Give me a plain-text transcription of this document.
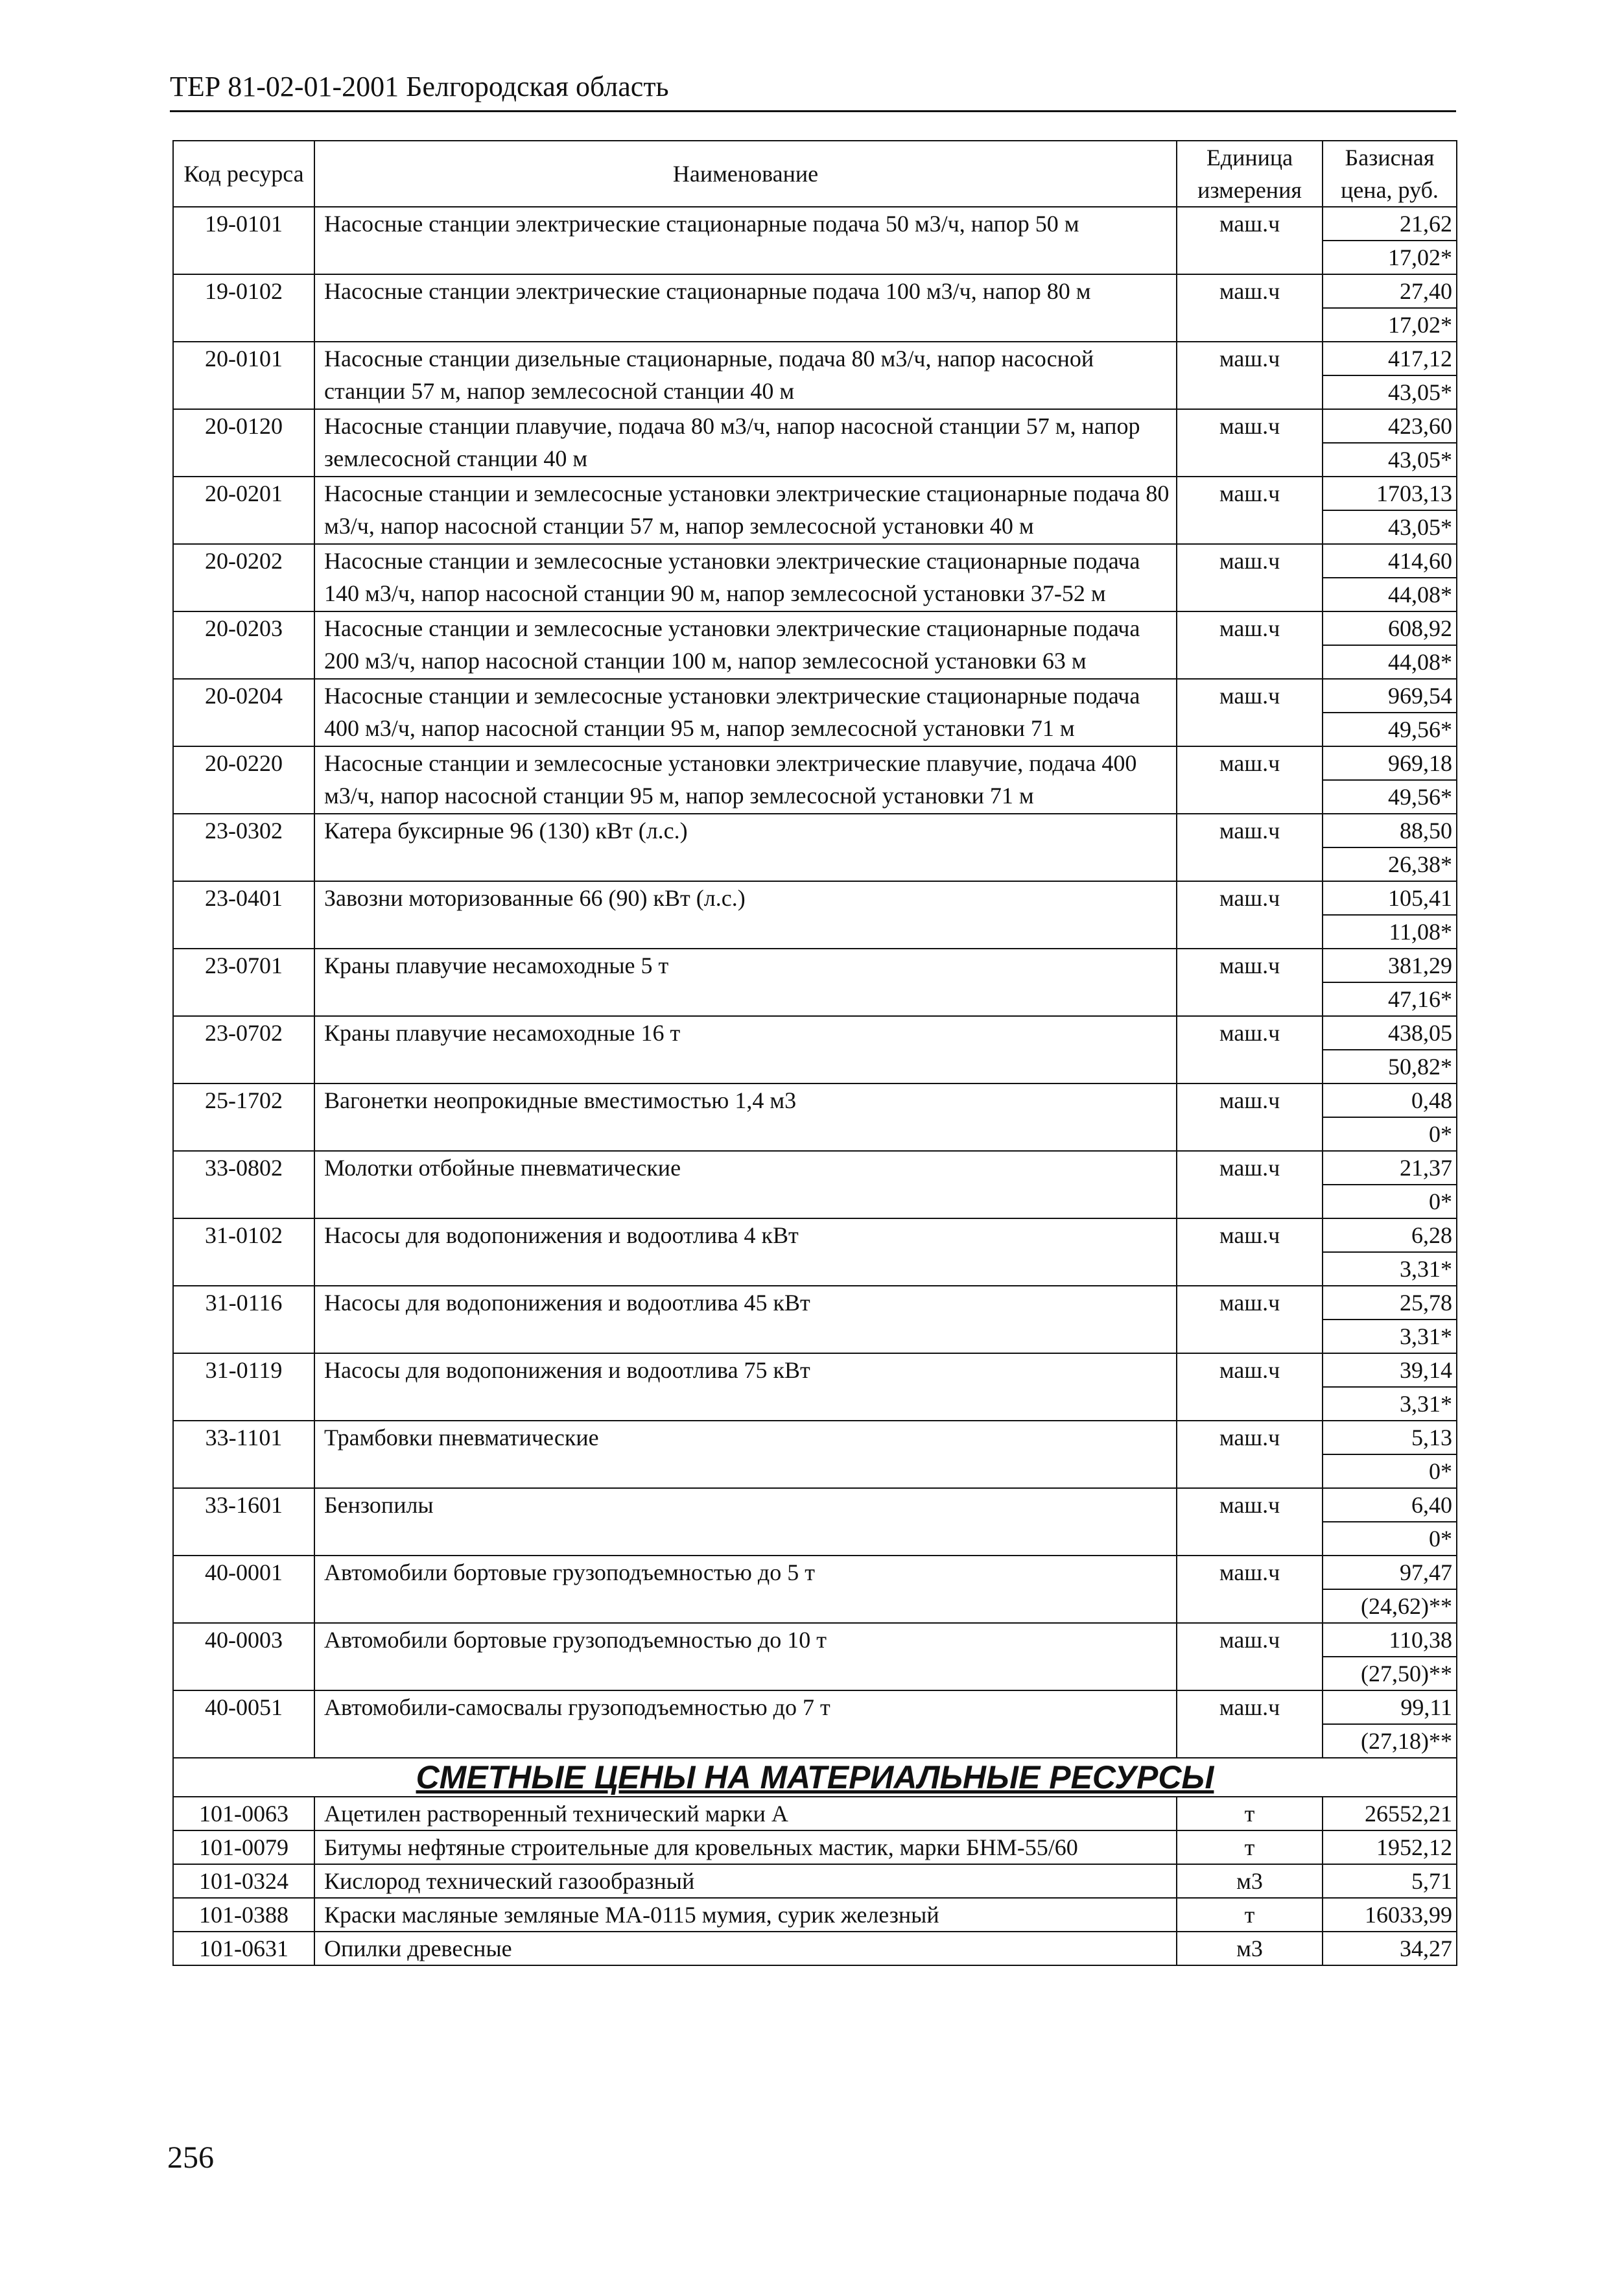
ТЕР 81-02-01-2001 Белгородская область
Код ресурса	Наименование	Единица измерения	Базисная цена, руб.
19-0101	Насосные станции электрические стационарные подача 50 м3/ч, напор 50 м	маш.ч	21,62
17,02*

19-0102	Насосные станции электрические стационарные подача 100 м3/ч, напор 80 м	маш.ч	27,40
17,02*

20-0101	Насосные станции дизельные стационарные, подача 80 м3/ч, напор насосной станции 57 м, напор землесосной станции 40 м	маш.ч	417,12
43,05*

20-0120	Насосные станции плавучие, подача 80 м3/ч, напор насосной станции 57 м, напор землесосной станции 40 м	маш.ч	423,60
43,05*

20-0201	Насосные станции и землесосные установки электрические стационарные подача 80 м3/ч, напор насосной станции 57 м, напор землесосной установки 40 м	маш.ч	1703,13
43,05*

20-0202	Насосные станции и землесосные установки электрические стационарные подача 140 м3/ч, напор насосной станции 90 м, напор землесосной установки 37-52 м	маш.ч	414,60
44,08*

20-0203	Насосные станции и землесосные установки электрические стационарные подача 200 м3/ч, напор насосной станции 100 м, напор землесосной установки 63 м	маш.ч	608,92
44,08*

20-0204	Насосные станции и землесосные установки электрические стационарные подача 400 м3/ч, напор насосной станции 95 м, напор землесосной установки 71 м	маш.ч	969,54
49,56*

20-0220	Насосные станции и землесосные установки электрические плавучие, подача 400 м3/ч, напор насосной станции 95 м, напор землесосной установки 71 м	маш.ч	969,18
49,56*

23-0302	Катера буксирные 96 (130) кВт (л.с.)	маш.ч	88,50
26,38*

23-0401	Завозни моторизованные 66 (90) кВт (л.с.)	маш.ч	105,41
11,08*

23-0701	Краны плавучие несамоходные 5 т	маш.ч	381,29
47,16*

23-0702	Краны плавучие несамоходные 16 т	маш.ч	438,05
50,82*

25-1702	Вагонетки неопрокидные вместимостью 1,4 м3	маш.ч	0,48
0*

33-0802	Молотки отбойные пневматические	маш.ч	21,37
0*

31-0102	Насосы для водопонижения и водоотлива 4 кВт	маш.ч	6,28
3,31*

31-0116	Насосы для водопонижения и водоотлива 45 кВт	маш.ч	25,78
3,31*

31-0119	Насосы для водопонижения и водоотлива 75 кВт	маш.ч	39,14
3,31*

33-1101	Трамбовки пневматические	маш.ч	5,13
0*

33-1601	Бензопилы	маш.ч	6,40
0*

40-0001	Автомобили бортовые грузоподъемностью до 5 т	маш.ч	97,47
(24,62)**

40-0003	Автомобили бортовые грузоподъемностью до 10 т	маш.ч	110,38
(27,50)**

40-0051	Автомобили-самосвалы грузоподъемностью до 7 т	маш.ч	99,11
(27,18)**

СМЕТНЫЕ ЦЕНЫ НА МАТЕРИАЛЬНЫЕ РЕСУРСЫ			
101-0063	Ацетилен растворенный технический марки А	т	26552,21

101-0079	Битумы нефтяные строительные для кровельных мастик, марки БНМ-55/60	т	1952,12

101-0324	Кислород технический газообразный	м3	5,71

101-0388	Краски масляные земляные МА-0115 мумия, сурик железный	т	16033,99

101-0631	Опилки древесные	м3	34,27
256
